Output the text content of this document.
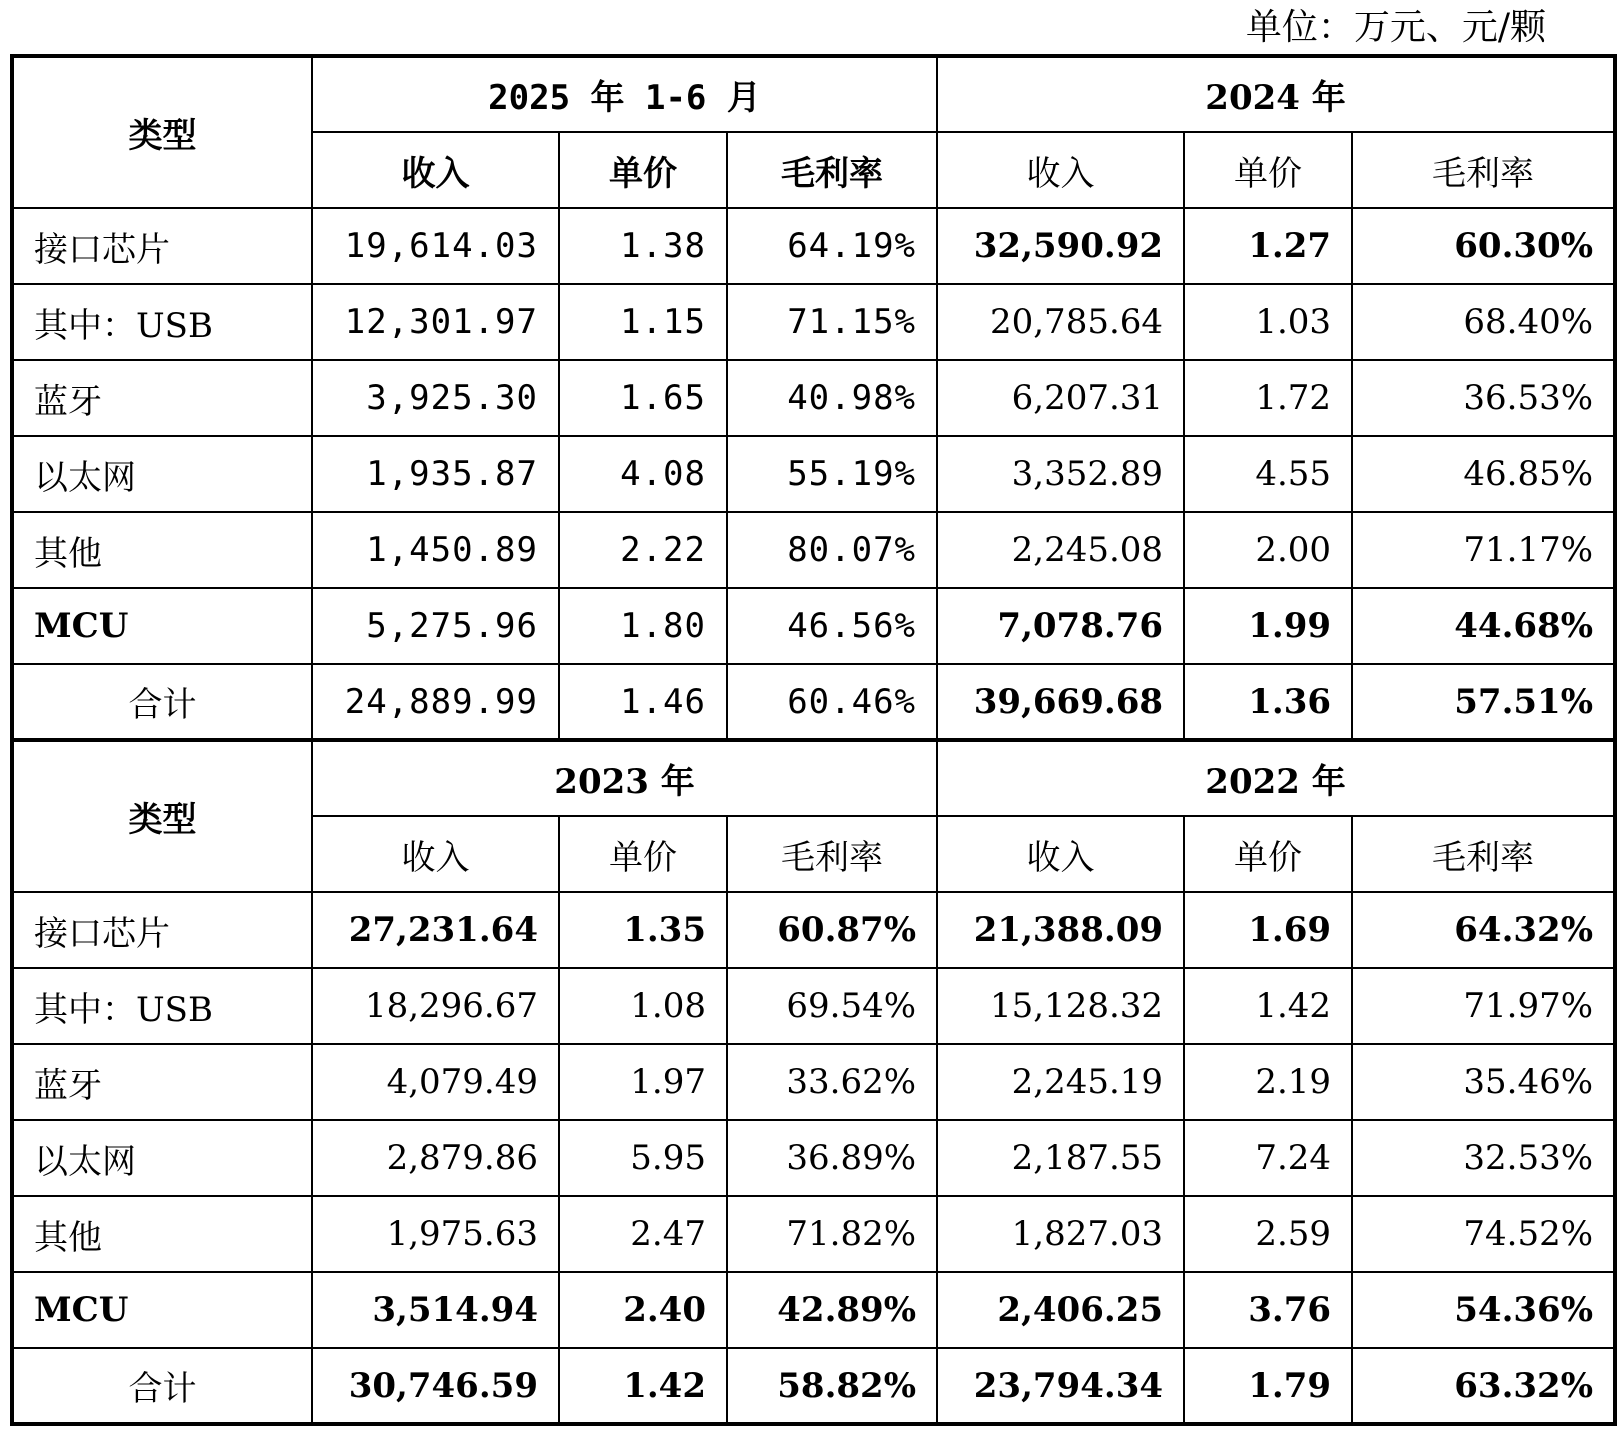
单位：万元、元/颗
类型	2025 年 1-6 月			2024 年		
	收入	单价	毛利率	收入	单价	毛利率
接口芯片	19,614.03	1.38	64.19%	32,590.92	1.27	60.30%
其中：USB	12,301.97	1.15	71.15%	20,785.64	1.03	68.40%
蓝牙	3,925.30	1.65	40.98%	6,207.31	1.72	36.53%
以太网	1,935.87	4.08	55.19%	3,352.89	4.55	46.85%
其他	1,450.89	2.22	80.07%	2,245.08	2.00	71.17%
MCU	5,275.96	1.80	46.56%	7,078.76	1.99	44.68%
合计	24,889.99	1.46	60.46%	39,669.68	1.36	57.51%
类型	2023 年			2022 年		
	收入	单价	毛利率	收入	单价	毛利率
接口芯片	27,231.64	1.35	60.87%	21,388.09	1.69	64.32%
其中：USB	18,296.67	1.08	69.54%	15,128.32	1.42	71.97%
蓝牙	4,079.49	1.97	33.62%	2,245.19	2.19	35.46%
以太网	2,879.86	5.95	36.89%	2,187.55	7.24	32.53%
其他	1,975.63	2.47	71.82%	1,827.03	2.59	74.52%
MCU	3,514.94	2.40	42.89%	2,406.25	3.76	54.36%
合计	30,746.59	1.42	58.82%	23,794.34	1.79	63.32%
